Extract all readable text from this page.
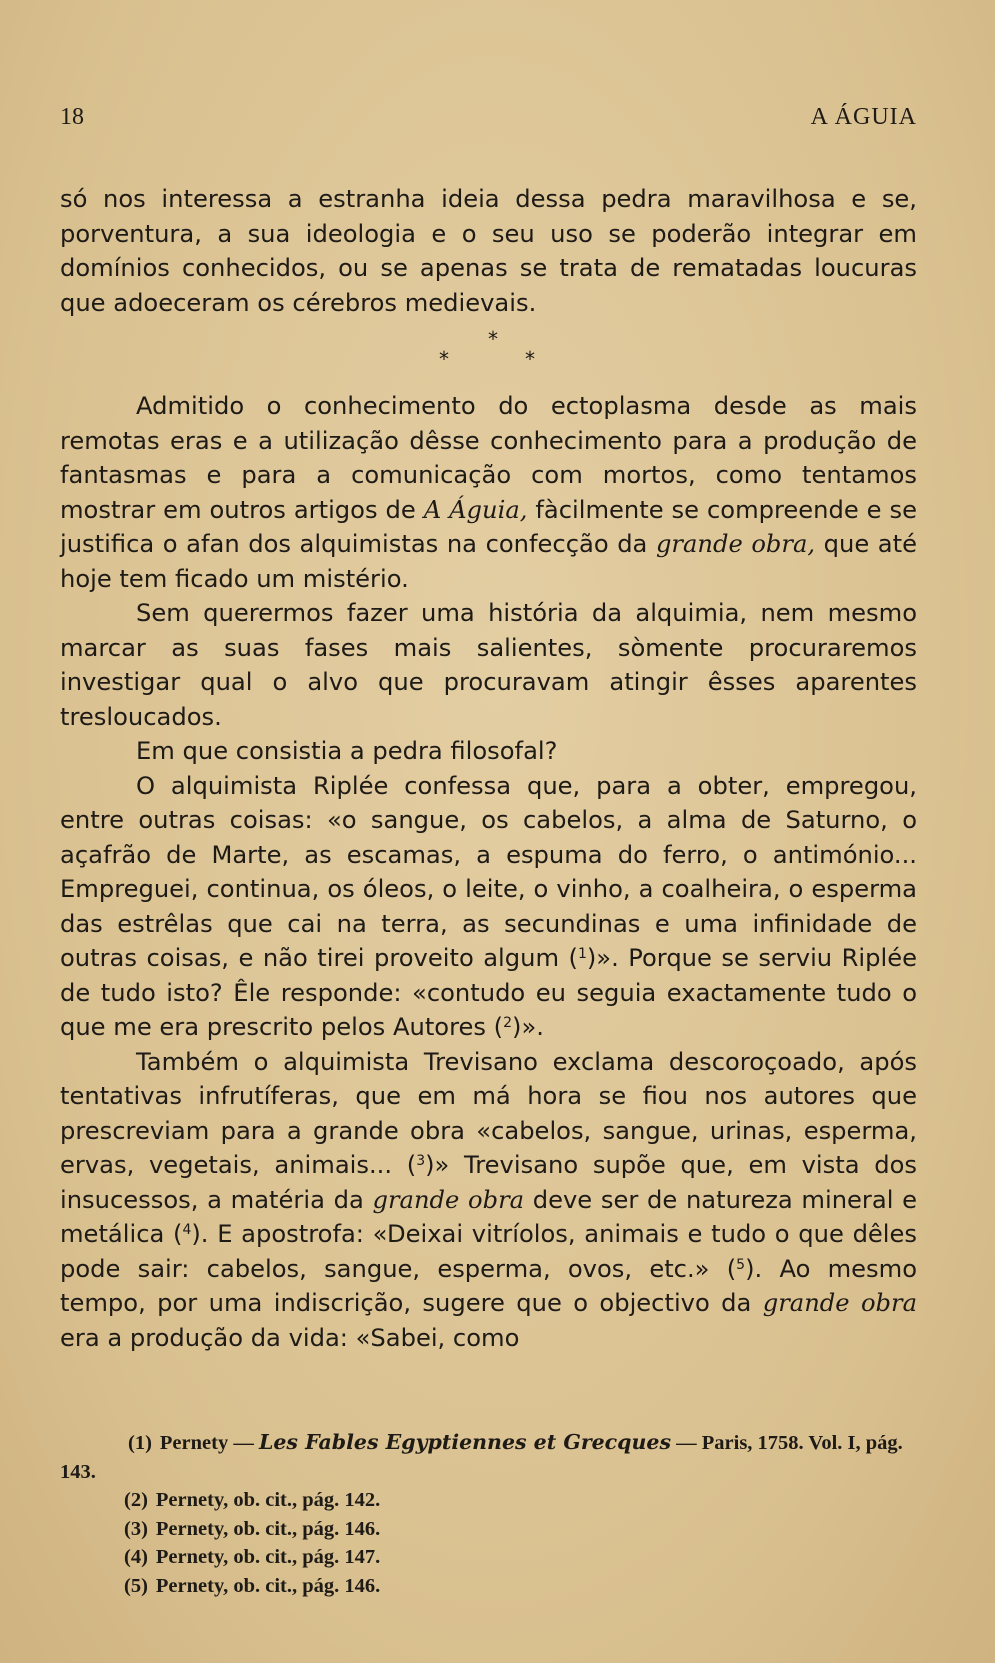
18	A ÁGUIA

só nos interessa a estranha ideia dessa pedra maravilhosa e se, porventura, a sua ideologia e o seu uso se poderão integrar em domínios conhecidos, ou se apenas se trata de rematadas loucuras que adoeceram os cérebros medievais.

*
*	*

Admitido o conhecimento do ectoplasma desde as mais remotas eras e a utilização dêsse conhecimento para a produção de fantasmas e para a comunicação com mortos, como tentamos mostrar em outros artigos de A Águia, fàcilmente se compreende e se justifica o afan dos alquimistas na confecção da grande obra, que até hoje tem ficado um mistério.

Sem querermos fazer uma história da alquimia, nem mesmo marcar as suas fases mais salientes, sòmente procuraremos investigar qual o alvo que procuravam atingir êsses aparentes tresloucados.

Em que consistia a pedra filosofal?

O alquimista Riplée confessa que, para a obter, empregou, entre outras coisas: «o sangue, os cabelos, a alma de Saturno, o açafrão de Marte, as escamas, a espuma do ferro, o antimónio... Empreguei, continua, os óleos, o leite, o vinho, a coalheira, o esperma das estrêlas que cai na terra, as secundinas e uma infinidade de outras coisas, e não tirei proveito algum ($^1$)». Porque se serviu Riplée de tudo isto? Êle responde: «contudo eu seguia exactamente tudo o que me era prescrito pelos Autores ($^2$)».

Também o alquimista Trevisano exclama descoroçoado, após tentativas infrutíferas, que em má hora se fiou nos autores que prescreviam para a grande obra «cabelos, sangue, urinas, esperma, ervas, vegetais, animais... ($^3$)» Trevisano supõe que, em vista dos insucessos, a matéria da grande obra deve ser de natureza mineral e metálica ($^4$). E apostrofa: «Deixai vitríolos, animais e tudo o que dêles pode sair: cabelos, sangue, esperma, ovos, etc.» ($^5$). Ao mesmo tempo, por uma indiscrição, sugere que o objectivo da grande obra era a produção da vida: «Sabei, como

(1) Pernety — Les Fables Egyptiennes et Grecques — Paris, 1758. Vol. I, pág. 143.

(2) Pernety, ob. cit., pág. 142.

(3) Pernety, ob. cit., pág. 146.

(4) Pernety, ob. cit., pág. 147.

(5) Pernety, ob. cit., pág. 146.
